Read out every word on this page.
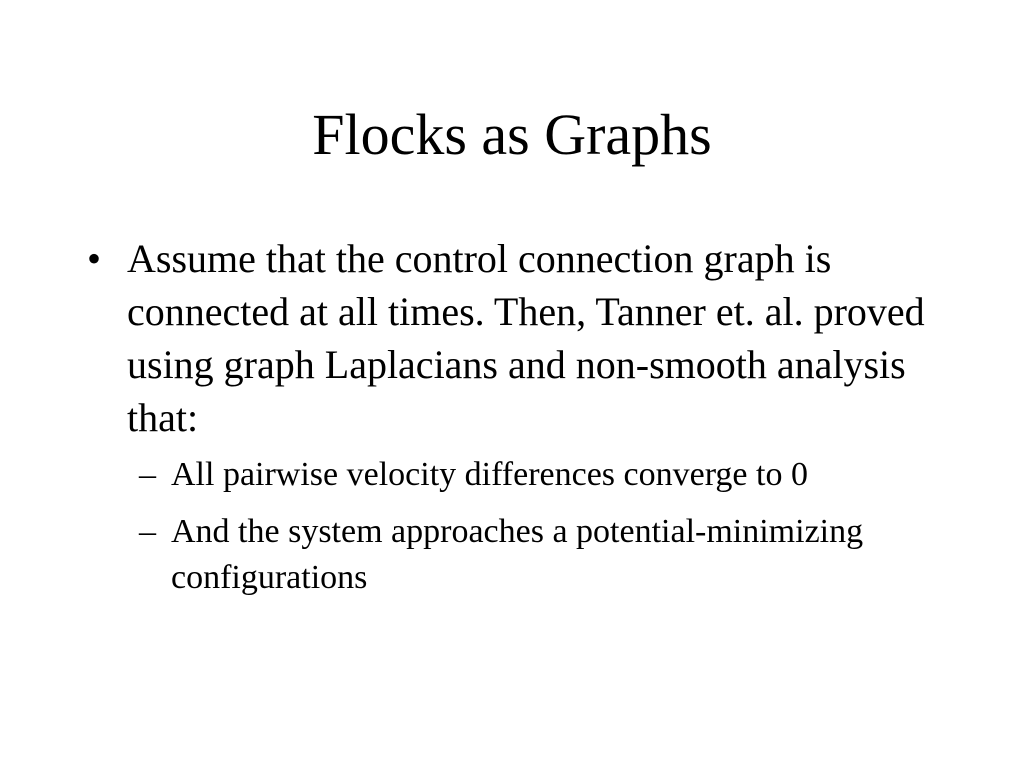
Flocks as Graphs
• Assume that the control connection graph is connected at all times. Then, Tanner et. al. proved using graph Laplacians and non-smooth analysis that:
– All pairwise velocity differences converge to 0
– And the system approaches a potential-minimizing configurations
